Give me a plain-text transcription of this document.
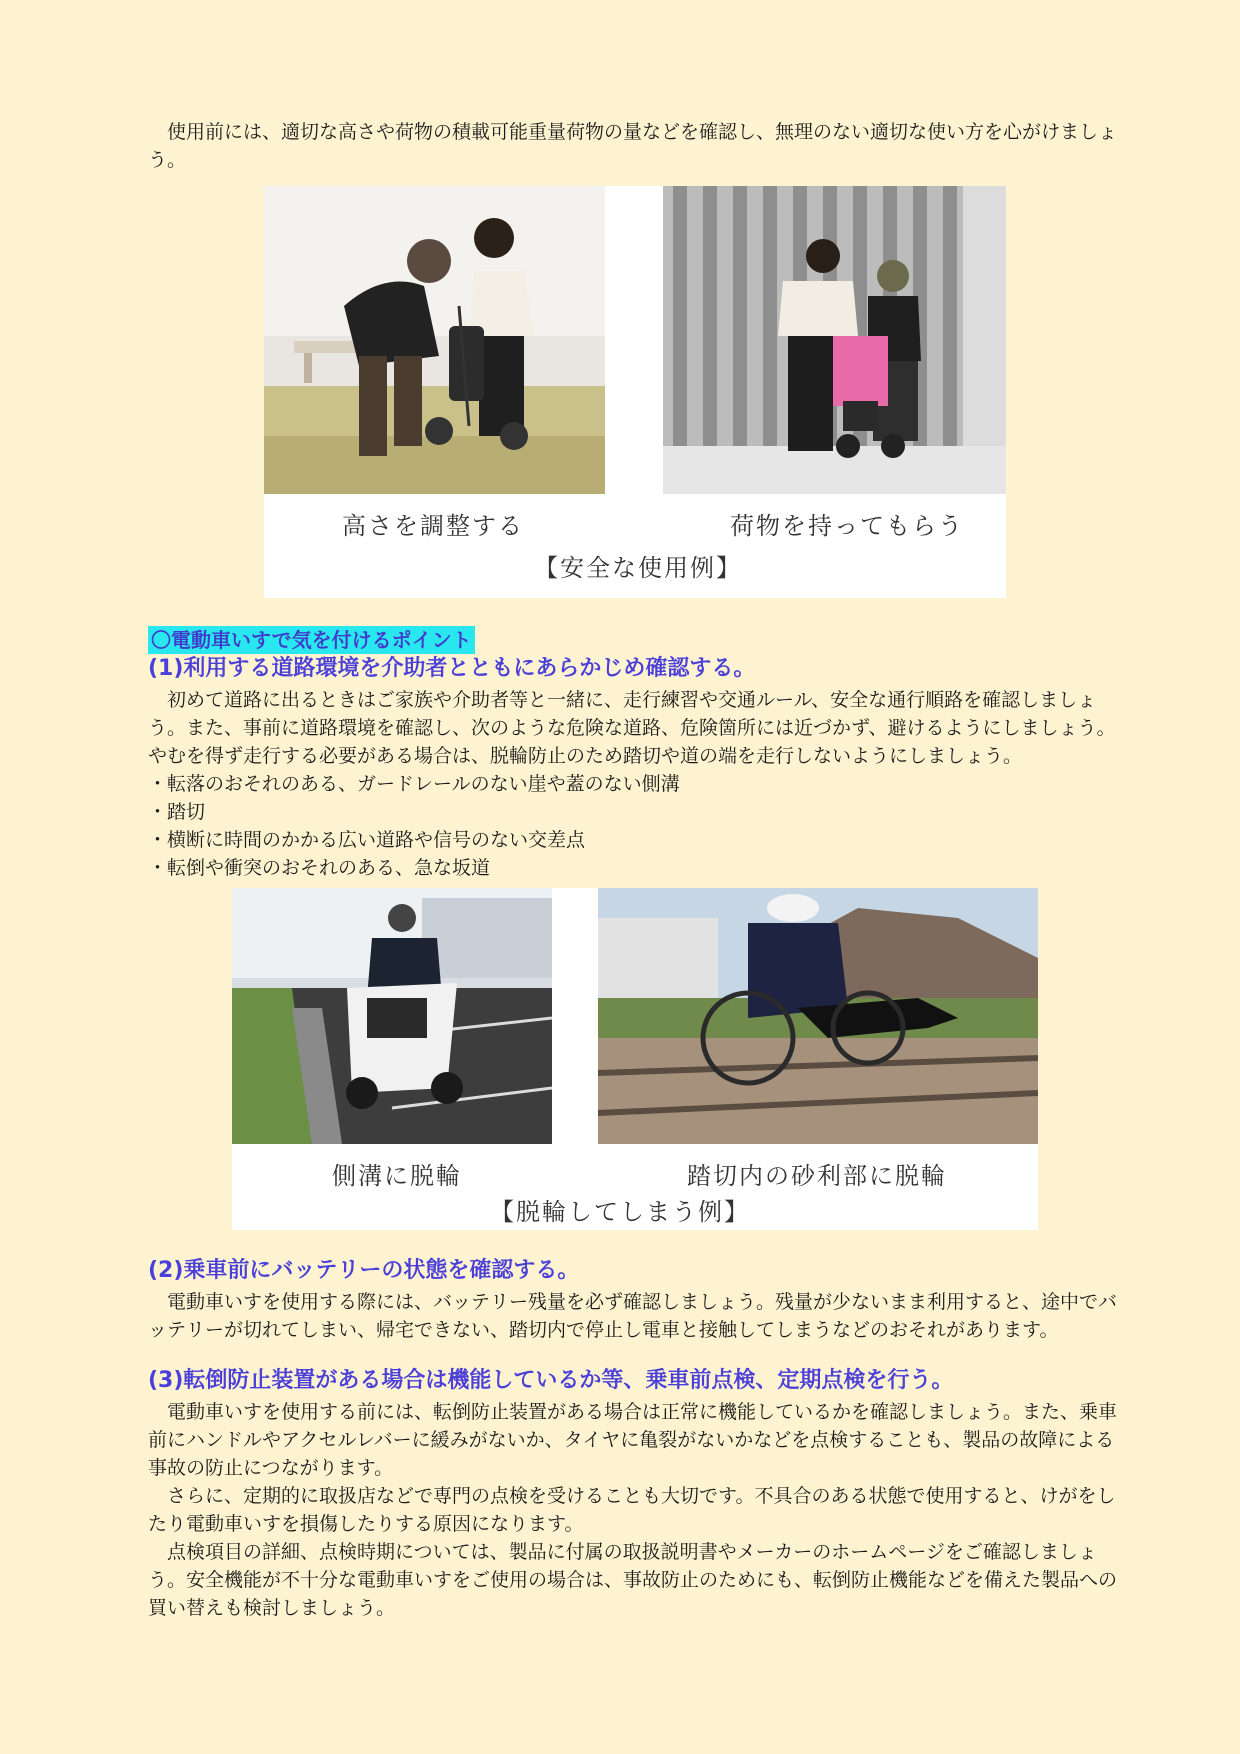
　使用前には、適切な高さや荷物の積載可能重量荷物の量などを確認し、無理のない適切な使い方を心がけましょう。

高さを調整する	荷物を持ってもらう
【安全な使用例】
〇電動車いすで気を付けるポイント
(1)利用する道路環境を介助者とともにあらかじめ確認する。

　初めて道路に出るときはご家族や介助者等と一緒に、走行練習や交通ルール、安全な通行順路を確認しましょう。また、事前に道路環境を確認し、次のような危険な道路、危険箇所には近づかず、避けるようにしましょう。やむを得ず走行する必要がある場合は、脱輪防止のため踏切や道の端を走行しないようにしましょう。

・転落のおそれのある、ガードレールのない崖や蓋のない側溝
・踏切
・横断に時間のかかる広い道路や信号のない交差点
・転倒や衝突のおそれのある、急な坂道
側溝に脱輪	踏切内の砂利部に脱輪
【脱輪してしまう例】
(2)乗車前にバッテリーの状態を確認する。

　電動車いすを使用する際には、バッテリー残量を必ず確認しましょう。残量が少ないまま利用すると、途中でバッテリーが切れてしまい、帰宅できない、踏切内で停止し電車と接触してしまうなどのおそれがあります。

(3)転倒防止装置がある場合は機能しているか等、乗車前点検、定期点検を行う。

　電動車いすを使用する前には、転倒防止装置がある場合は正常に機能しているかを確認しましょう。また、乗車前にハンドルやアクセルレバーに緩みがないか、タイヤに亀裂がないかなどを点検することも、製品の故障による事故の防止につながります。

　さらに、定期的に取扱店などで専門の点検を受けることも大切です。不具合のある状態で使用すると、けがをしたり電動車いすを損傷したりする原因になります。

　点検項目の詳細、点検時期については、製品に付属の取扱説明書やメーカーのホームページをご確認しましょう。安全機能が不十分な電動車いすをご使用の場合は、事故防止のためにも、転倒防止機能などを備えた製品への買い替えも検討しましょう。
